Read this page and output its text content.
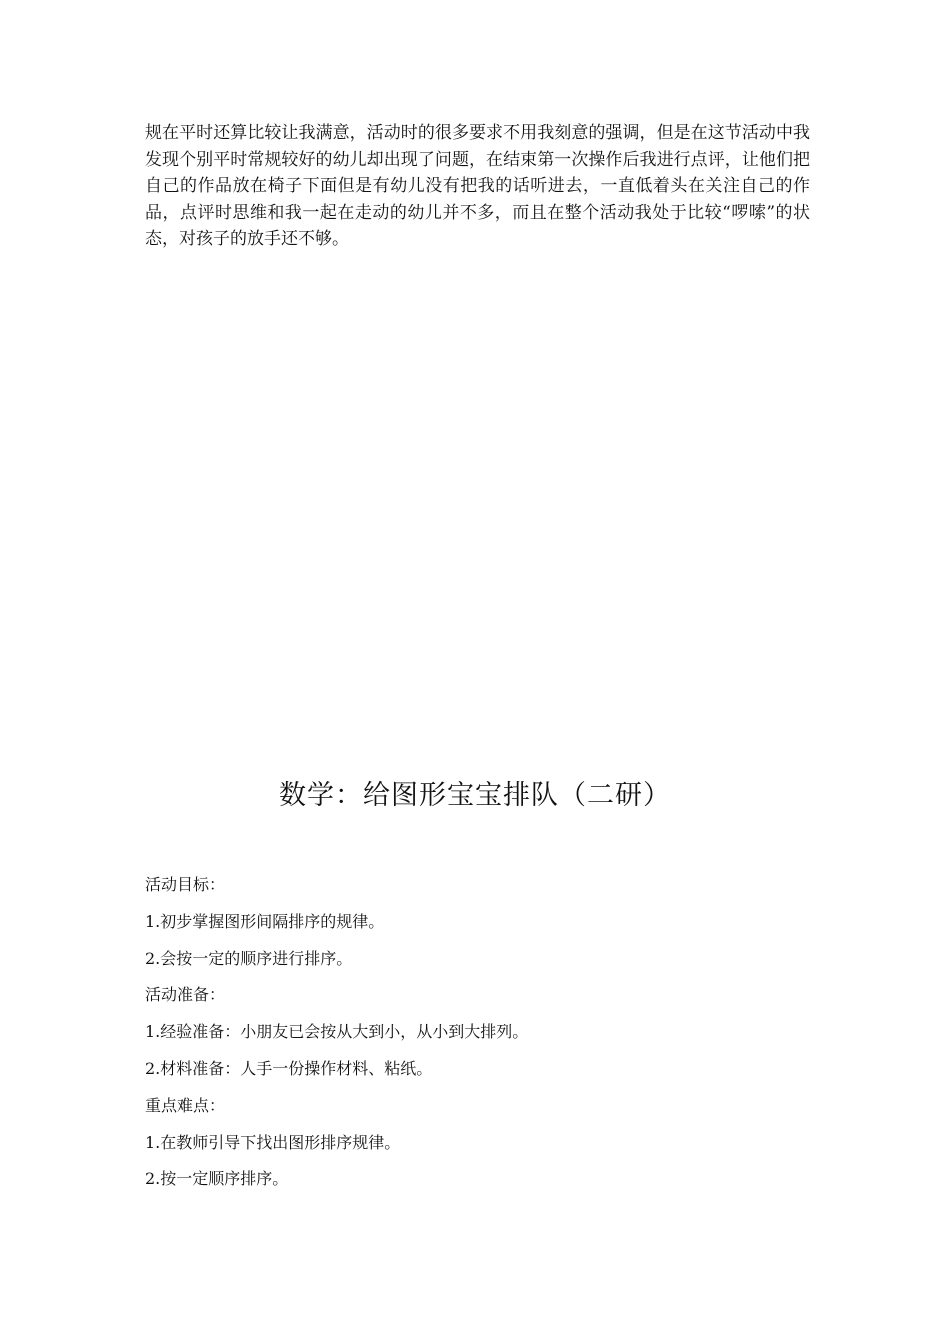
规在平时还算比较让我满意，活动时的很多要求不用我刻意的强调，但是在这节活动中我发现个别平时常规较好的幼儿却出现了问题，在结束第一次操作后我进行点评，让他们把自己的作品放在椅子下面但是有幼儿没有把我的话听进去，一直低着头在关注自己的作品，点评时思维和我一起在走动的幼儿并不多，而且在整个活动我处于比较“啰嗦”的状态，对孩子的放手还不够。

数学：给图形宝宝排队（二研）
活动目标：
1.初步掌握图形间隔排序的规律。
2.会按一定的顺序进行排序。
活动准备：
1.经验准备：小朋友已会按从大到小，从小到大排列。
2.材料准备：人手一份操作材料、粘纸。
重点难点：
1.在教师引导下找出图形排序规律。
2.按一定顺序排序。
